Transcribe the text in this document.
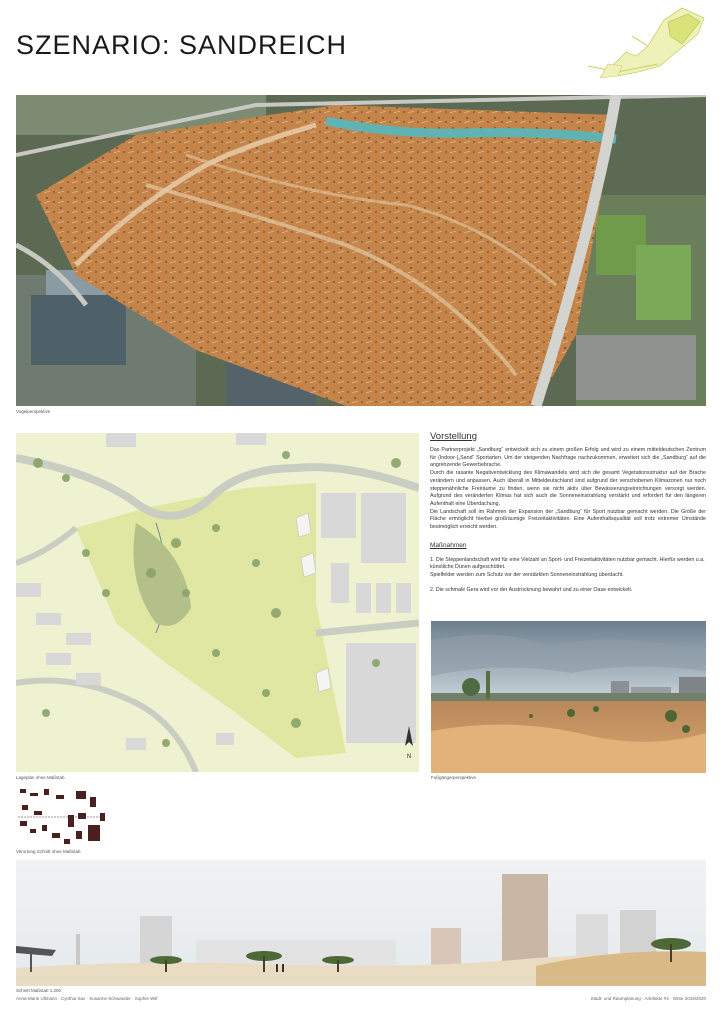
SZENARIO: SANDREICH
Vogelperspektive
N
Lageplan ohne Maßstab
Vorstellung
Das Partnerprojekt „Sandburg“ entwickelt sich zu einem großen Erfolg und wird zu einem mitteldeutschen Zentrum für (Indoor-)„Sand“ Sportarten. Um der steigenden Nachfrage nachzukommen, erweitert sich die „Sandburg“ auf die angrenzende Gewerbebrache.
Durch die rasante Negativentwicklung des Klimawandels wird sich die gesamt Vegetationsstruktur auf der Brache verändern und anpassen. Auch überall in Mitteldeutschland sind aufgrund der verschobenen Klimazonen nur noch steppenähnliche Freiräume zu finden, wenn sie nicht aktiv über Bewässerungseinrichtungen versorgt werden. Aufgrund des veränderten Klimas hat sich auch die Sonneneinstrahlung verstärkt und erfordert für den längeren Aufenthalt eine Überdachung.
Die Landschaft soll im Rahmen der Expansion der „Sandburg“ für Sport nutzbar gemacht werden. Die Größe der Fläche ermöglicht hierbei großräumige Freizeitaktivitäten. Eine Aufenthaltsqualität soll trotz extremer Umstände bestmöglich erreicht werden.
Maßnahmen
1. Die Steppenlandschaft wird für eine Vielzahl an Sport- und Freizeitaktivitäten nutzbar gemacht. Hierfür werden u.a. künstliche Dünen aufgeschüttet.
Spielfelder werden zum Schutz vor der verstärkten Sonneneinstrahlung überdacht.
2. Die schmale Gera wird vor der Austrocknung bewahrt und zu einer Oase entwickelt.
Fußgängerperspektive
Verortung Schnitt ohne Maßstab
Schnitt Maßstab 1:200
Anna-Marie Ullmann · Cynthia Sax · Susanne Schwander · Sophie Will	Stadt- und Raumplanung · Artefakte #4 · WiSe 2019/2020
